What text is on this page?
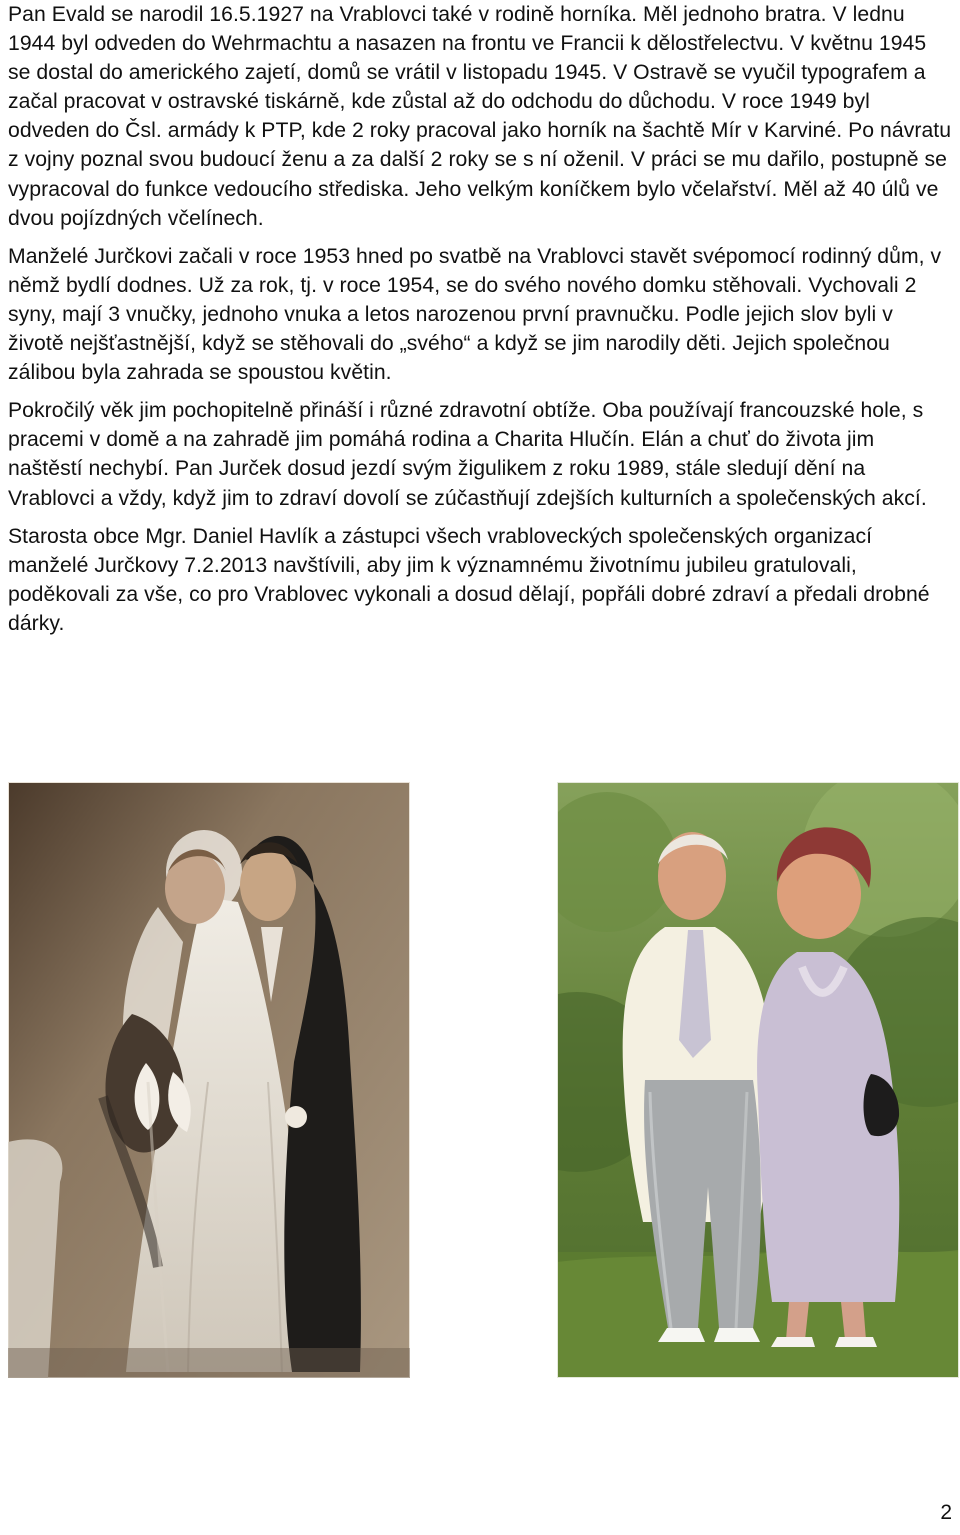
Pan Evald se narodil 16.5.1927 na Vrablovci také v rodině horníka. Měl jednoho bratra. V lednu 1944 byl odveden do Wehrmachtu a nasazen na frontu ve Francii k dělostřelectvu. V květnu 1945 se dostal do amerického zajetí, domů se vrátil v listopadu 1945. V Ostravě se vyučil typografem a začal pracovat v ostravské tiskárně, kde zůstal až do odchodu do důchodu. V roce 1949 byl odveden do Čsl. armády k PTP, kde 2 roky pracoval jako horník na šachtě Mír v Karviné. Po návratu z vojny poznal svou budoucí ženu a za další 2 roky se s ní oženil. V práci se mu dařilo, postupně se vypracoval do funkce vedoucího střediska. Jeho velkým koníčkem bylo včelařství. Měl až 40 úlů ve dvou pojízdných včelínech.

Manželé Jurčkovi začali v roce 1953 hned po svatbě na Vrablovci stavět svépomocí rodinný dům, v němž bydlí dodnes. Už za rok, tj. v roce 1954, se do svého nového domku stěhovali. Vychovali 2 syny, mají 3 vnučky, jednoho vnuka a letos narozenou první pravnučku. Podle jejich slov byli v životě nejšťastnější, když se stěhovali do „svého“ a když se jim narodily děti. Jejich společnou zálibou byla zahrada se spoustou květin.

Pokročilý věk jim pochopitelně přináší i různé zdravotní obtíže. Oba používají francouzské hole, s pracemi v domě a na zahradě jim pomáhá rodina a Charita Hlučín. Elán a chuť do života jim naštěstí nechybí. Pan Jurček dosud jezdí svým žigulikem z roku 1989, stále sledují dění na Vrablovci a vždy, když jim to zdraví dovolí se zúčastňují zdejších kulturních a společenských akcí.

Starosta obce Mgr. Daniel Havlík a zástupci všech vrabloveckých společenských organizací manželé Jurčkovy 7.2.2013 navštívili, aby jim k významnému životnímu jubileu gratulovali, poděkovali za vše, co pro Vrablovec vykonali a dosud dělají, popřáli dobré zdraví a předali drobné dárky.

2
